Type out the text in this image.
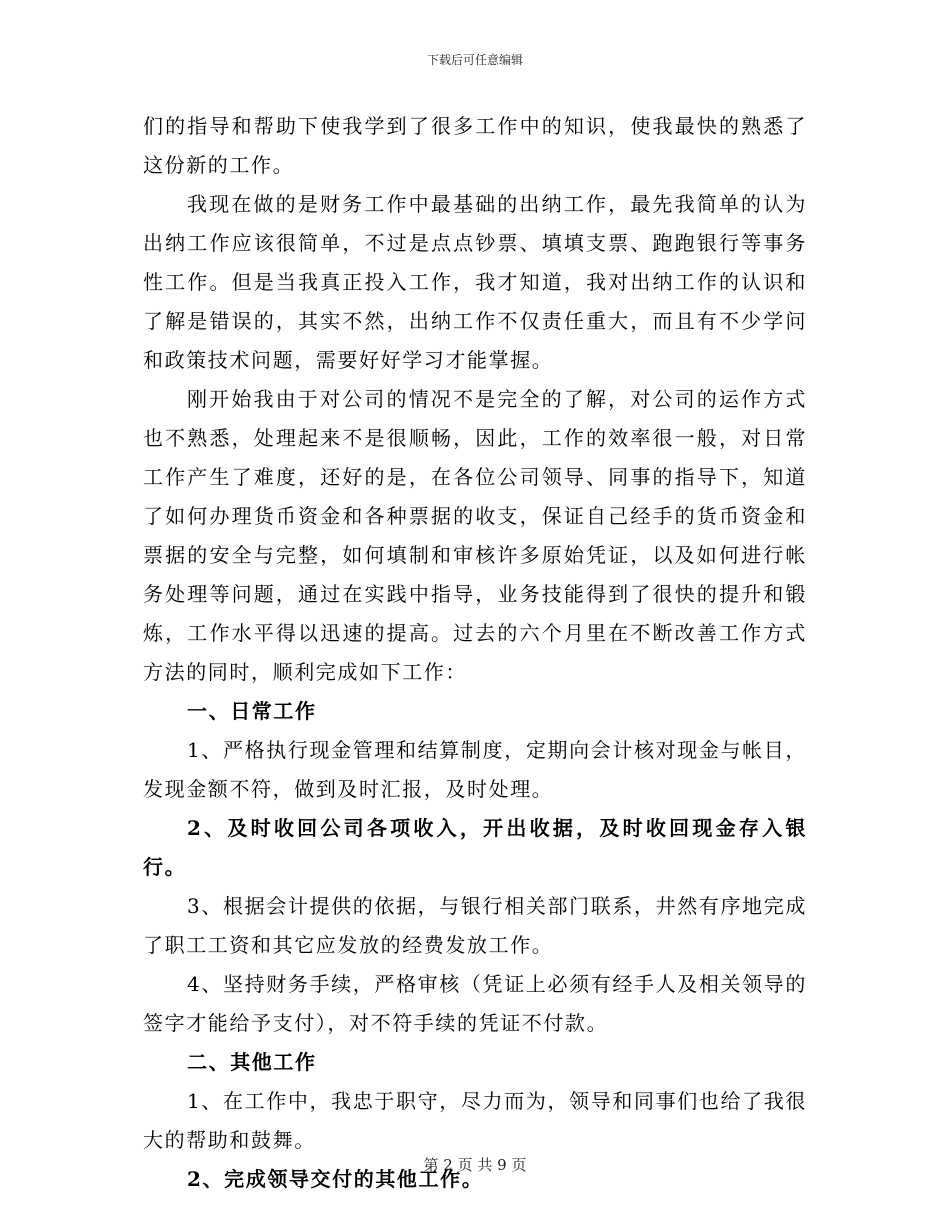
下载后可任意编辑

们的指导和帮助下使我学到了很多工作中的知识，使我最快的熟悉了这份新的工作。

我现在做的是财务工作中最基础的出纳工作，最先我简单的认为出纳工作应该很简单，不过是点点钞票、填填支票、跑跑银行等事务性工作。但是当我真正投入工作，我才知道，我对出纳工作的认识和了解是错误的，其实不然，出纳工作不仅责任重大，而且有不少学问和政策技术问题，需要好好学习才能掌握。

刚开始我由于对公司的情况不是完全的了解，对公司的运作方式也不熟悉，处理起来不是很顺畅，因此，工作的效率很一般，对日常工作产生了难度，还好的是，在各位公司领导、同事的指导下，知道了如何办理货币资金和各种票据的收支，保证自己经手的货币资金和票据的安全与完整，如何填制和审核许多原始凭证，以及如何进行帐务处理等问题，通过在实践中指导，业务技能得到了很快的提升和锻炼，工作水平得以迅速的提高。过去的六个月里在不断改善工作方式方法的同时，顺利完成如下工作：

一、日常工作

1、严格执行现金管理和结算制度，定期向会计核对现金与帐目，发现金额不符，做到及时汇报，及时处理。

2、及时收回公司各项收入，开出收据，及时收回现金存入银行。

3、根据会计提供的依据，与银行相关部门联系，井然有序地完成了职工工资和其它应发放的经费发放工作。

4、坚持财务手续，严格审核（凭证上必须有经手人及相关领导的签字才能给予支付），对不符手续的凭证不付款。

二、其他工作

1、在工作中，我忠于职守，尽力而为，领导和同事们也给了我很大的帮助和鼓舞。

2、完成领导交付的其他工作。

第 2 页 共 9 页
